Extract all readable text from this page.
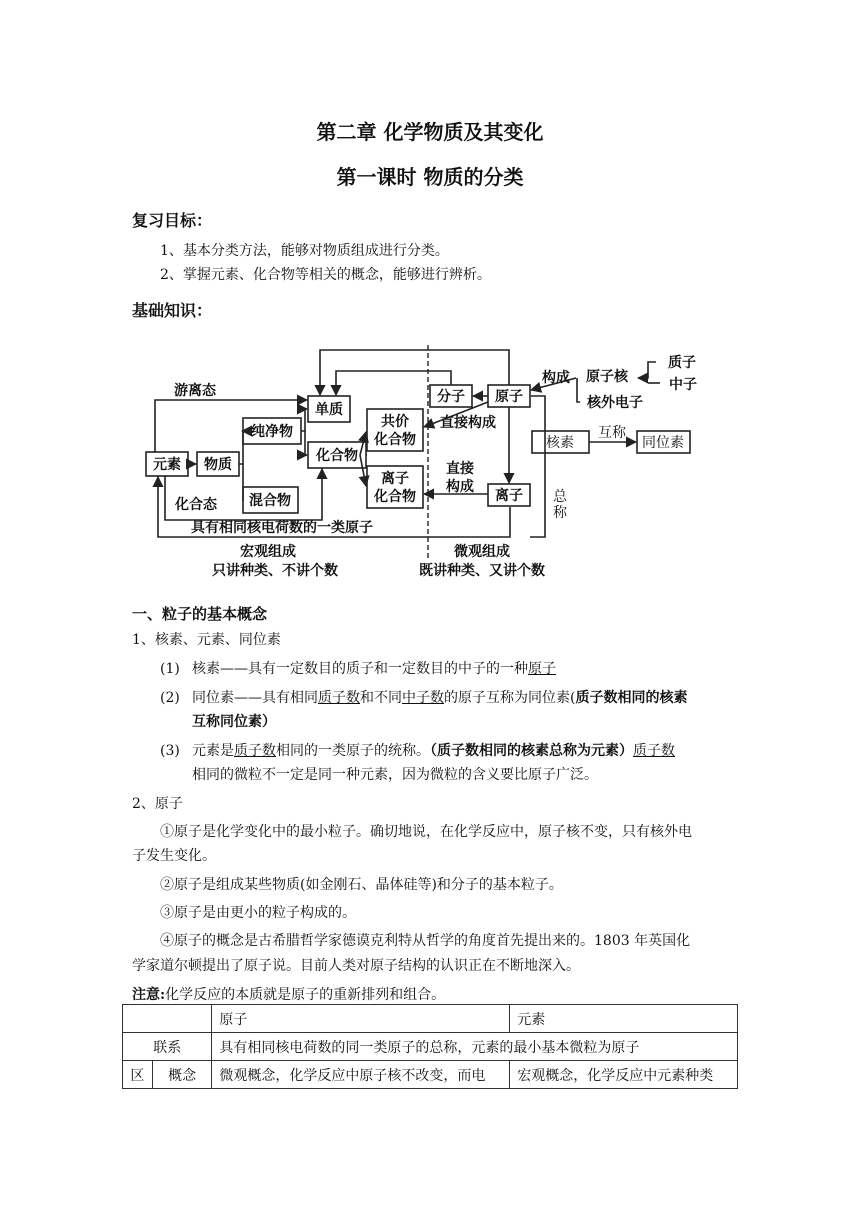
第二章 化学物质及其变化
第一课时 物质的分类
复习目标：
1、基本分类方法，能够对物质组成进行分类。
2、掌握元素、化合物等相关的概念，能够进行辨析。
基础知识：
元素 物质
纯净物
混合物
单质
化合物
共价
化合物
离子
化合物
分子 原子
离子
游离态
化合态
直接构成
直接
构成
具有相同核电荷数的一类原子
宏观组成
只讲种类、不讲个数
微观组成
既讲种类、又讲个数
构成 原子核
核外电子
质子
中子
核素
互称
同位素
总
称
一、粒子的基本概念
1、核素、元素、同位素
(1) 核素——具有一定数目的质子和一定数目的中子的一种原子
(2) 同位素——具有相同质子数和不同中子数的原子互称为同位素(质子数相同的核素
互称同位素）
(3) 元素是质子数相同的一类原子的统称。（质子数相同的核素总称为元素）质子数
相同的微粒不一定是同一种元素，因为微粒的含义要比原子广泛。
2、原子
①原子是化学变化中的最小粒子。确切地说，在化学反应中，原子核不变，只有核外电
子发生变化。
②原子是组成某些物质(如金刚石、晶体硅等)和分子的基本粒子。
③原子是由更小的粒子构成的。
④原子的概念是古希腊哲学家德谟克利特从哲学的角度首先提出来的。1803 年英国化
学家道尔顿提出了原子说。目前人类对原子结构的认识正在不断地深入。
注意:化学反应的本质就是原子的重新排列和组合。
		原子	元素
联系		具有相同核电荷数的同一类原子的总称，元素的最小基本微粒为原子	
区	概念	微观概念，化学反应中原子核不改变，而电	宏观概念，化学反应中元素种类
